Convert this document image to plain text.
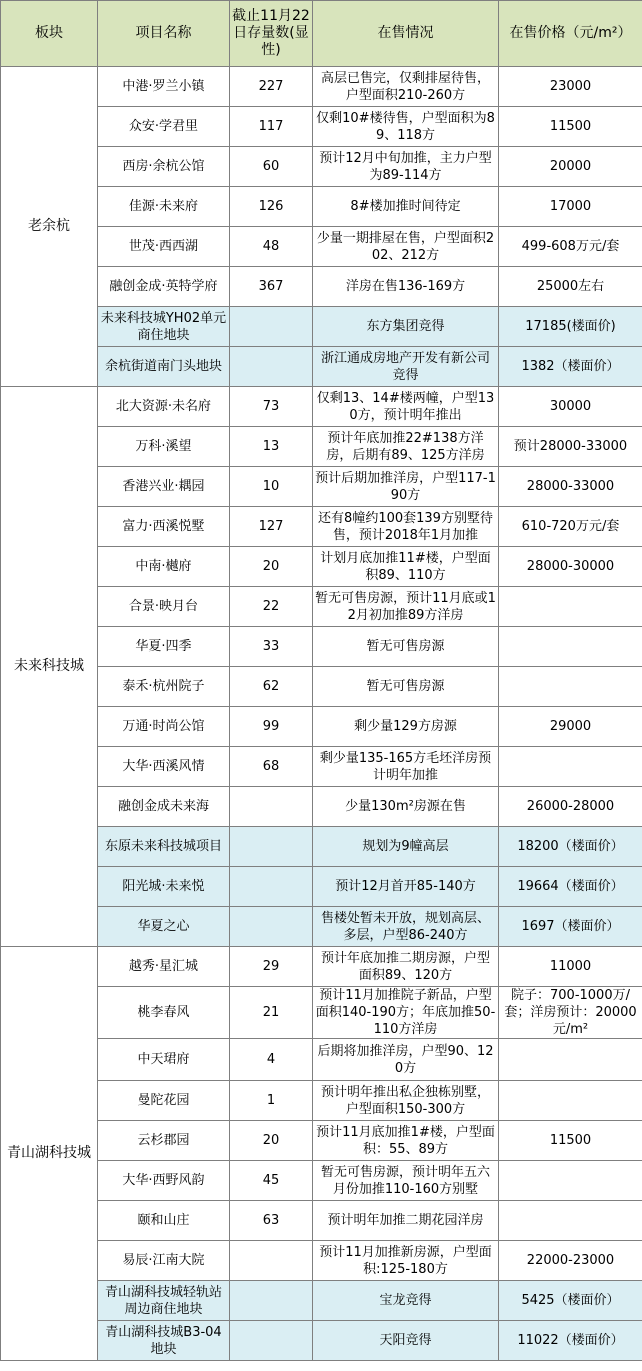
板块	项目名称	截止11月22日存量数(显性)	在售情况	在售价格（元/m²）
老余杭	中港·罗兰小镇	227	高层已售完，仅剩排屋待售，户型面积210-260方	23000
	众安·学君里	117	仅剩10#楼待售，户型面积为89、118方	11500
	西房·余杭公馆	60	预计12月中旬加推，主力户型为89-114方	20000
	佳源·未来府	126	8#楼加推时间待定	17000
	世茂·西西湖	48	少量一期排屋在售，户型面积202、212方	499-608万元/套
	融创金成·英特学府	367	洋房在售136-169方	25000左右
	未来科技城YH02单元商住地块		东方集团竞得	17185(楼面价)
	余杭街道南门头地块		浙江通成房地产开发有新公司竞得	1382（楼面价）
未来科技城	北大资源·未名府	73	仅剩13、14#楼两幢，户型130方，预计明年推出	30000
	万科·溪望	13	预计年底加推22#138方洋房，后期有89、125方洋房	预计28000-33000
	香港兴业·耦园	10	预计后期加推洋房，户型117-190方	28000-33000
	富力·西溪悦墅	127	还有8幢约100套139方别墅待售，预计2018年1月加推	610-720万元/套
	中南·樾府	20	计划月底加推11#楼，户型面积89、110方	28000-30000
	合景·映月台	22	暂无可售房源，预计11月底或12月初加推89方洋房	
	华夏·四季	33	暂无可售房源	
	泰禾·杭州院子	62	暂无可售房源	
	万通·时尚公馆	99	剩少量129方房源	29000
	大华·西溪风情	68	剩少量135-165方毛坯洋房预计明年加推	
	融创金成未来海		少量130m²房源在售	26000-28000
	东原未来科技城项目		规划为9幢高层	18200（楼面价）
	阳光城·未来悦		预计12月首开85-140方	19664（楼面价）
	华夏之心		售楼处暂未开放，规划高层、多层，户型86-240方	1697（楼面价）
青山湖科技城	越秀·星汇城	29	预计年底加推二期房源，户型面积89、120方	11000
	桃李春风	21	预计11月加推院子新品，户型面积140-190方；年底加推50-110方洋房	院子：700-1000万/套；洋房预计：20000元/m²
	中天珺府	4	后期将加推洋房，户型90、120方	
	曼陀花园	1	预计明年推出私企独栋别墅，户型面积150-300方	
	云杉郡园	20	预计11月底加推1#楼，户型面积：55、89方	11500
	大华·西野风韵	45	暂无可售房源，预计明年五六月份加推110-160方别墅	
	颐和山庄	63	预计明年加推二期花园洋房	
	易辰·江南大院		预计11月加推新房源，户型面积:125-180方	22000-23000
	青山湖科技城轻轨站周边商住地块		宝龙竞得	5425（楼面价）
	青山湖科技城B3-04地块		天阳竞得	11022（楼面价）
